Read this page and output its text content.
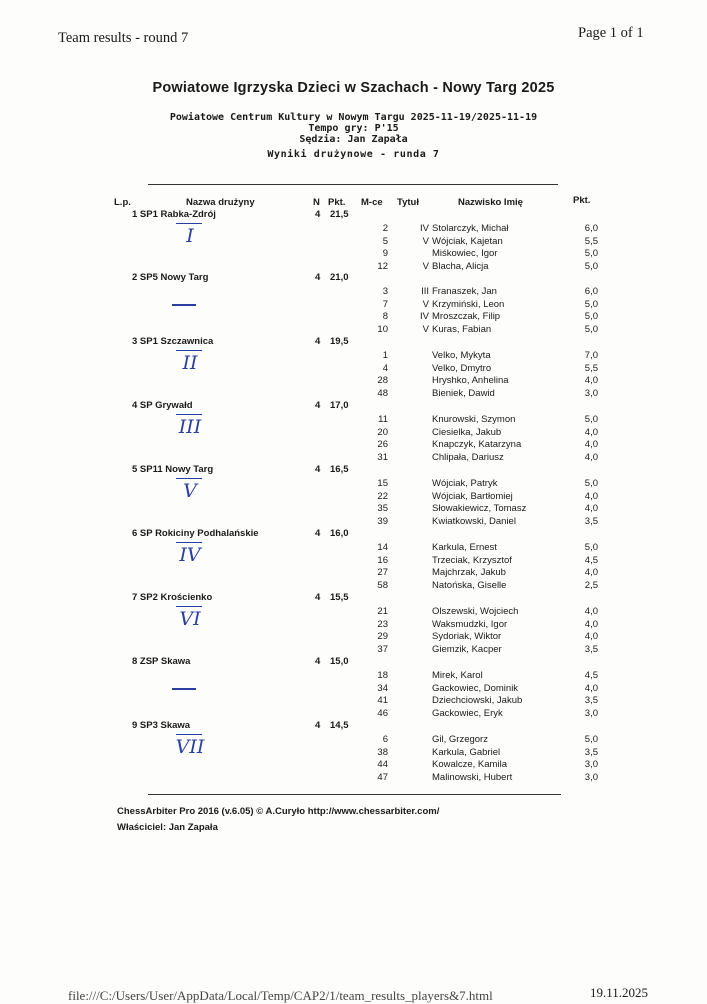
Team results - round 7	Page 1 of 1
Powiatowe Igrzyska Dzieci w Szachach - Nowy Targ 2025
Powiatowe Centrum Kultury w Nowym Targu 2025-11-19/2025-11-19
Tempo gry: P'15
Sędzia: Jan Zapała
Wyniki drużynowe - runda 7
L.p.	Nazwa drużyny	N Pkt. M-ce Tytuł	Nazwisko Imię	Pkt.
1 SP1 Rabka-Zdrój	4 21,5
I	2	IV Stolarczyk, Michał	6,0
5	V Wójciak, Kajetan	5,5
9	Miśkowiec, Igor	5,0
12	V Blacha, Alicja	5,0
2 SP5 Nowy Targ	4 21,0
3	III Franaszek, Jan	6,0
7	V Krzymiński, Leon	5,0
8	IV Mroszczak, Filip	5,0
10	V Kuras, Fabian	5,0
3 SP1 Szczawnica	4 19,5
II	1	Velko, Mykyta	7,0
4	Velko, Dmytro	5,5
28	Hryshko, Anhelina	4,0
48	Bieniek, Dawid	3,0
4 SP Grywałd	4 17,0
III	11	Knurowski, Szymon	5,0
20	Ciesielka, Jakub	4,0
26	Knapczyk, Katarzyna	4,0
31	Chlipała, Dariusz	4,0
5 SP11 Nowy Targ	4 16,5
V	15	Wójciak, Patryk	5,0
22	Wójciak, Bartłomiej	4,0
35	Słowakiewicz, Tomasz	4,0
39	Kwiatkowski, Daniel	3,5
6 SP Rokiciny Podhalańskie	4 16,0
IV	14	Karkula, Ernest	5,0
16	Trzeciak, Krzysztof	4,5
27	Majchrzak, Jakub	4,0
58	Natońska, Giselle	2,5
7 SP2 Krościenko	4 15,5
VI	21	Olszewski, Wojciech	4,0
23	Waksmudzki, Igor	4,0
29	Sydoriak, Wiktor	4,0
37	Giemzik, Kacper	3,5
8 ZSP Skawa	4 15,0
18	Mirek, Karol	4,5
34	Gackowiec, Dominik	4,0
41	Dziechciowski, Jakub	3,5
46	Gackowiec, Eryk	3,0
9 SP3 Skawa	4 14,5
VII	6	Gil, Grzegorz	5,0
38	Karkula, Gabriel	3,5
44	Kowalcze, Kamila	3,0
47	Malinowski, Hubert	3,0
ChessArbiter Pro 2016 (v.6.05) © A.Curyło http://www.chessarbiter.com/
Właściciel: Jan Zapała
file:///C:/Users/User/AppData/Local/Temp/CAP2/1/team_results_players&7.html	19.11.2025
